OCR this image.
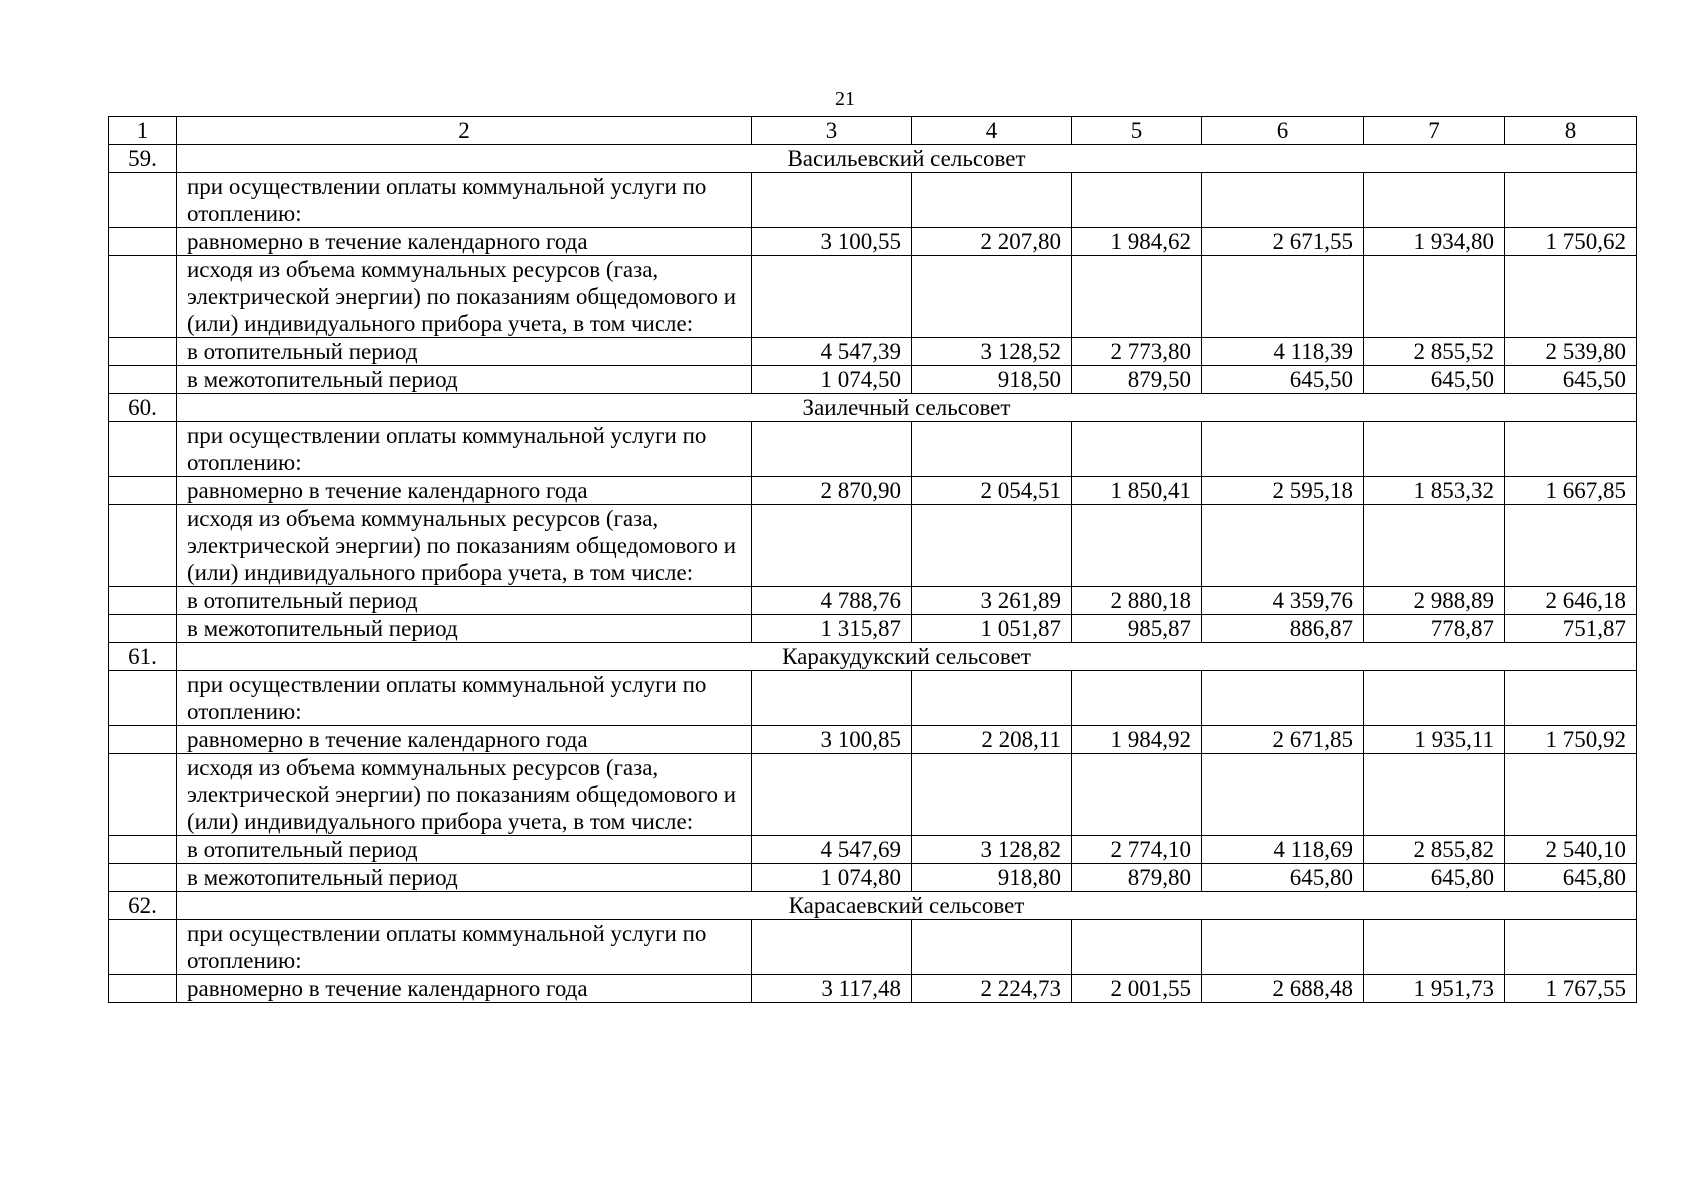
21
1	2	3	4	5	6	7	8
59.	Васильевский сельсовет						
	при осуществлении оплаты коммунальной услуги по отоплению:						
	равномерно в течение календарного года	3 100,55	2 207,80	1 984,62	2 671,55	1 934,80	1 750,62
	исходя из объема коммунальных ресурсов (газа, электрической энергии) по показаниям общедомового и (или) индивидуального прибора учета, в том числе:						
	в отопительный период	4 547,39	3 128,52	2 773,80	4 118,39	2 855,52	2 539,80
	в межотопительный период	1 074,50	918,50	879,50	645,50	645,50	645,50
60.	Заилечный сельсовет						
	при осуществлении оплаты коммунальной услуги по отоплению:						
	равномерно в течение календарного года	2 870,90	2 054,51	1 850,41	2 595,18	1 853,32	1 667,85
	исходя из объема коммунальных ресурсов (газа, электрической энергии) по показаниям общедомового и (или) индивидуального прибора учета, в том числе:						
	в отопительный период	4 788,76	3 261,89	2 880,18	4 359,76	2 988,89	2 646,18
	в межотопительный период	1 315,87	1 051,87	985,87	886,87	778,87	751,87
61.	Каракудукский сельсовет						
	при осуществлении оплаты коммунальной услуги по отоплению:						
	равномерно в течение календарного года	3 100,85	2 208,11	1 984,92	2 671,85	1 935,11	1 750,92
	исходя из объема коммунальных ресурсов (газа, электрической энергии) по показаниям общедомового и (или) индивидуального прибора учета, в том числе:						
	в отопительный период	4 547,69	3 128,82	2 774,10	4 118,69	2 855,82	2 540,10
	в межотопительный период	1 074,80	918,80	879,80	645,80	645,80	645,80
62.	Карасаевский сельсовет						
	при осуществлении оплаты коммунальной услуги по отоплению:						
	равномерно в течение календарного года	3 117,48	2 224,73	2 001,55	2 688,48	1 951,73	1 767,55
